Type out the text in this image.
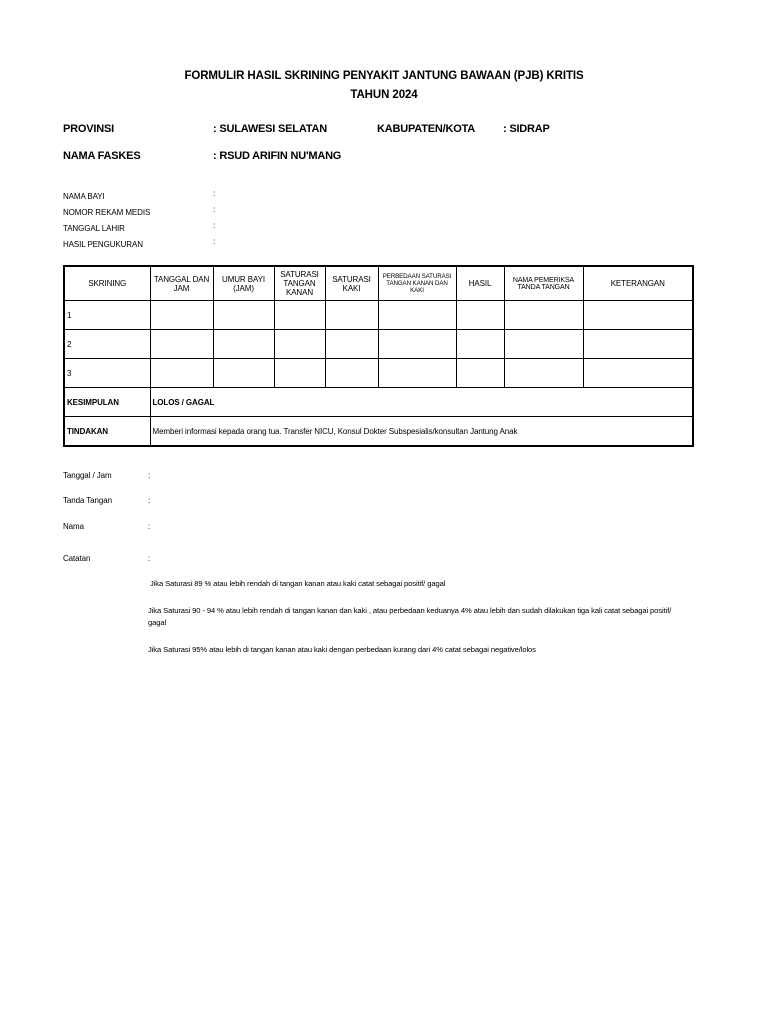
FORMULIR HASIL SKRINING PENYAKIT JANTUNG BAWAAN (PJB) KRITIS
TAHUN 2024
PROVINSI	: SULAWESI SELATAN	KABUPATEN/KOTA	: SIDRAP
NAMA FASKES	: RSUD ARIFIN NU'MANG
NAMA BAYI	:
NOMOR REKAM MEDIS	:
TANGGAL LAHIR	:
HASIL PENGUKURAN	:
SKRINING	TANGGAL DAN JAM	UMUR BAYI (JAM)	SATURASI TANGAN KANAN	SATURASI KAKI	PERBEDAAN SATURASI TANGAN KANAN DAN KAKI	HASIL	NAMA PEMERIKSA TANDA TANGAN	KETERANGAN
1								
2								
3								
KESIMPULAN	LOLOS / GAGAL							
TINDAKAN	Memberi informasi kepada orang tua. Transfer NICU, Konsul Dokter Subspesialis/konsultan Jantung Anak							
Tanggal / Jam	:
Tanda Tangan	:
Nama	:
Catatan	:
Jika Saturasi 89 % atau lebih rendah di tangan kanan atau kaki catat sebagai positif/ gagal
Jika Saturasi 90 - 94 % atau lebih rendah di tangan kanan dan kaki , atau perbedaan keduanya 4% atau lebih dan sudah dilakukan tiga kali catat sebagai positif/ gagal
Jika Saturasi 95% atau lebih di tangan kanan atau kaki dengan perbedaan kurang dari 4% catat sebagai negative/lolos
